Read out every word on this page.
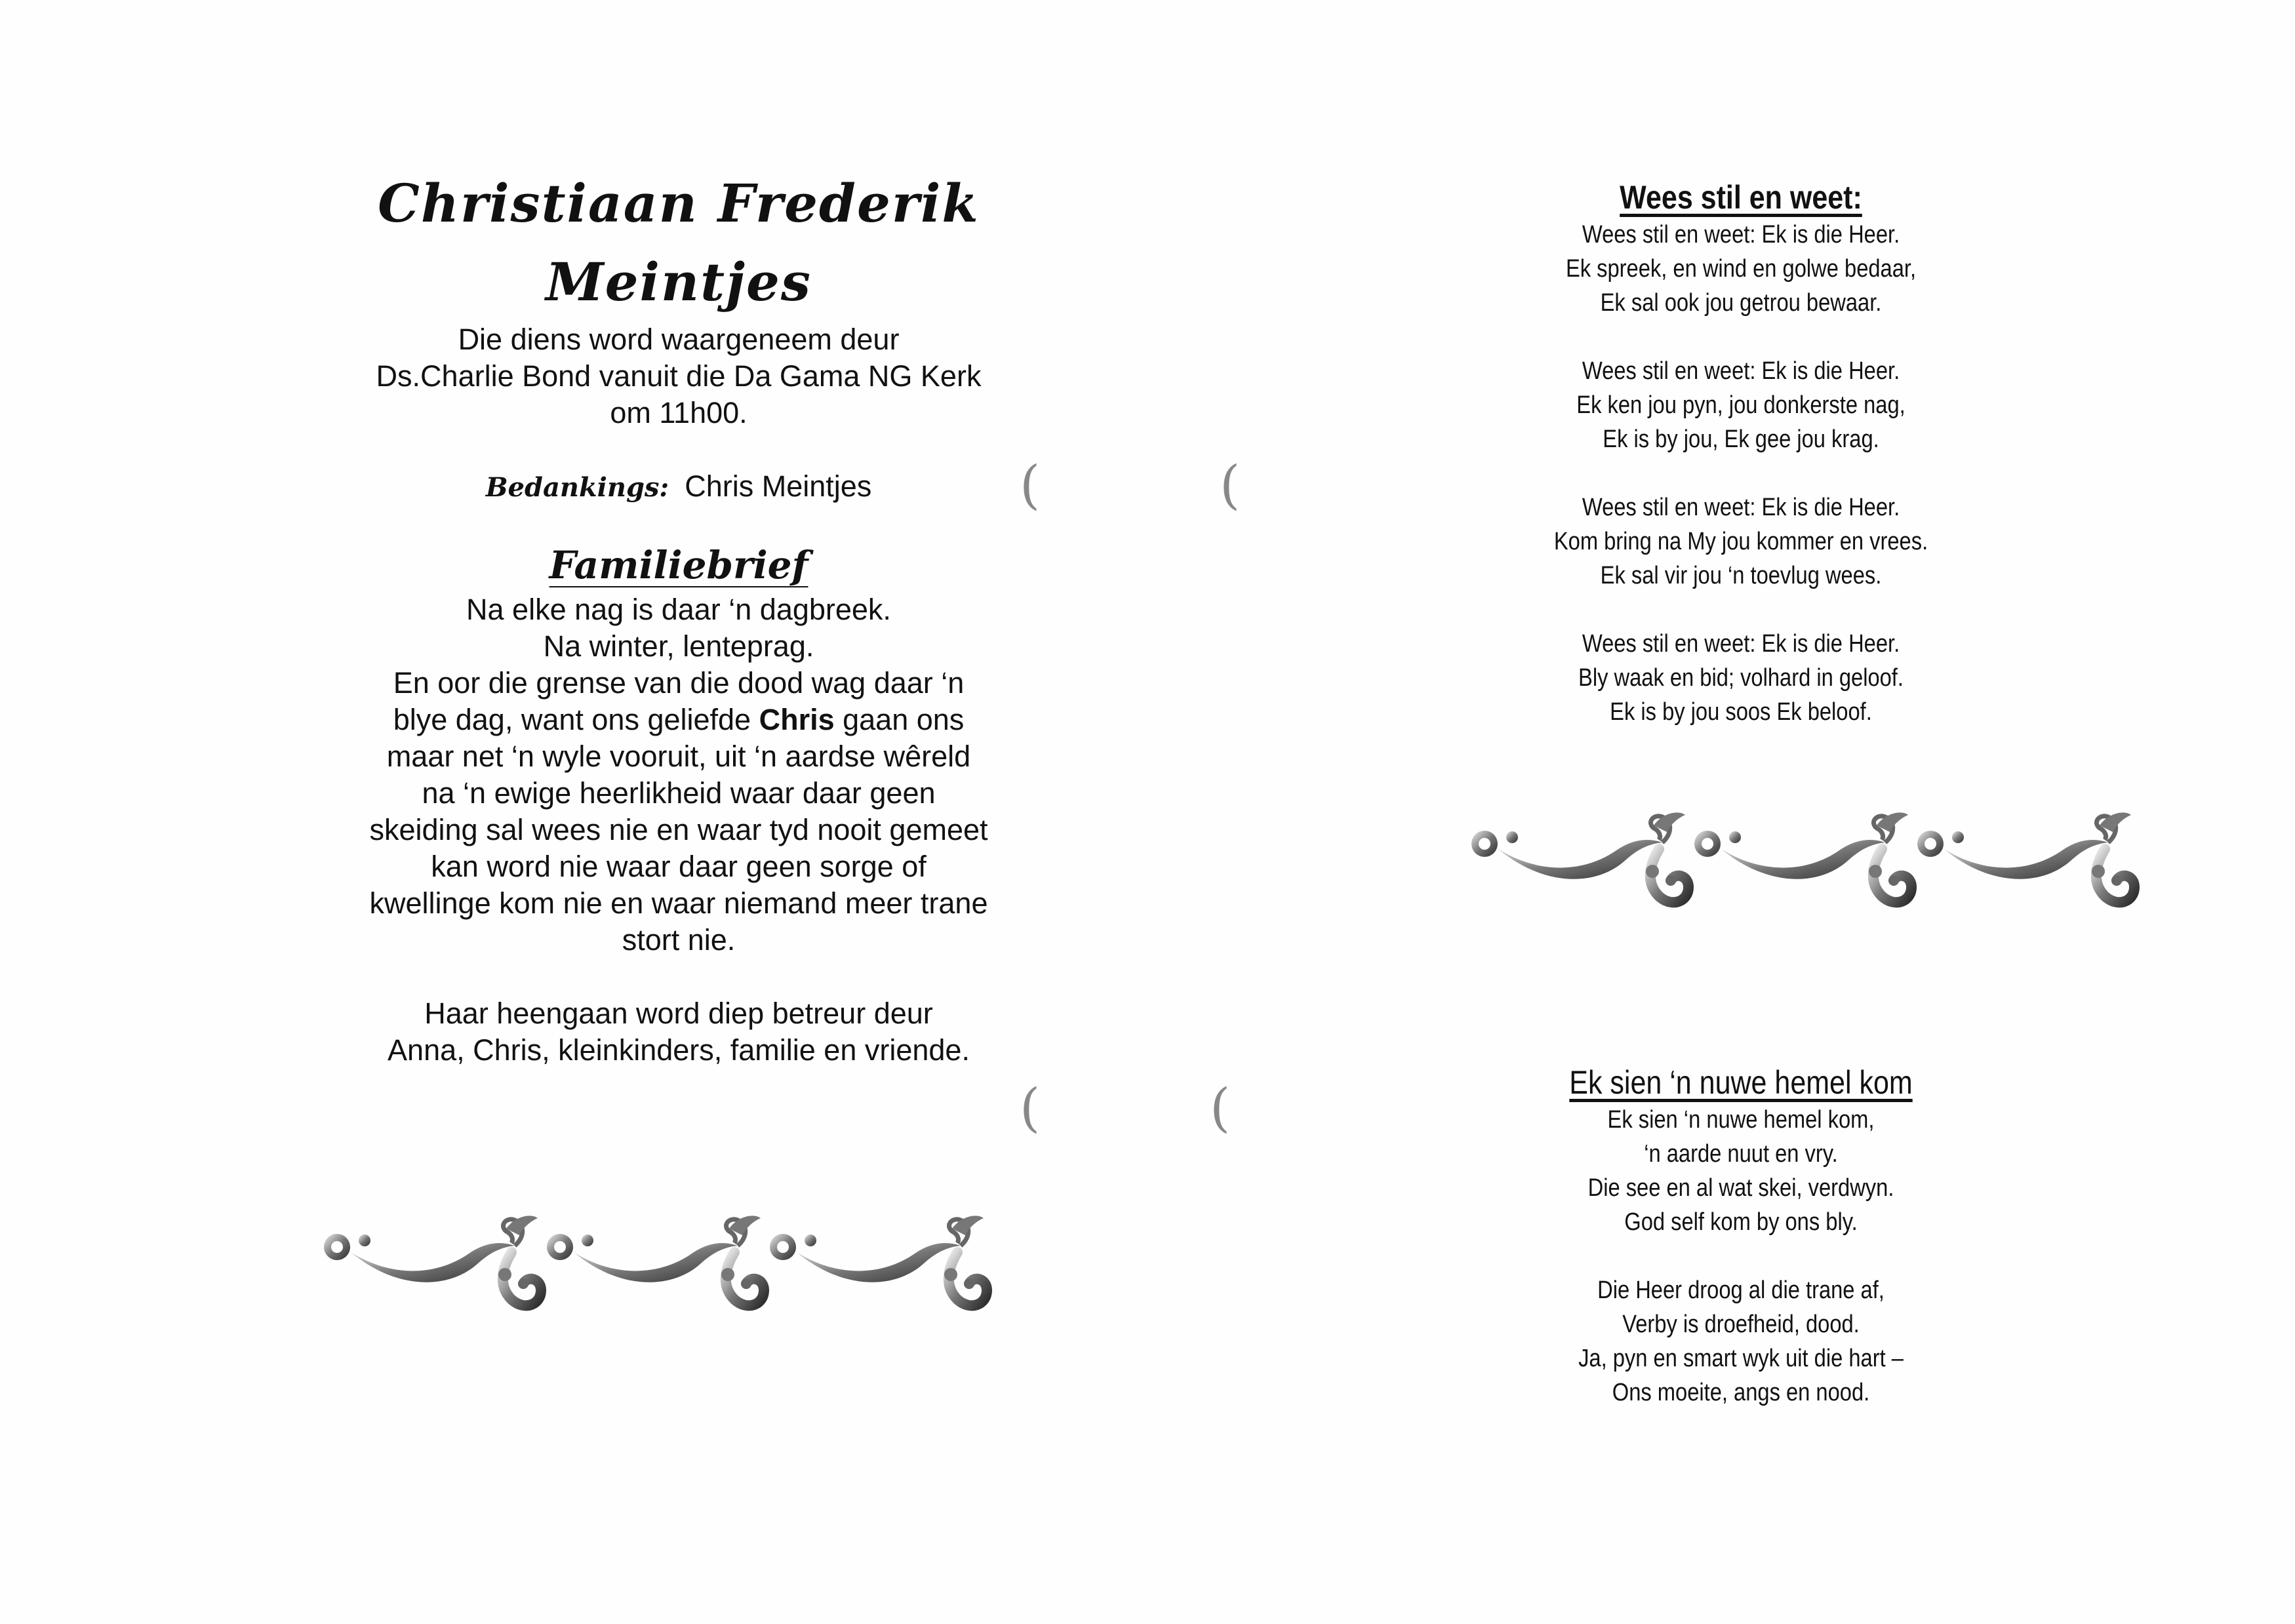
Christiaan Frederik
Meintjes
Die diens word waargeneem deur
Ds.Charlie Bond vanuit die Da Gama NG Kerk
om 11h00.
Bedankings: Chris Meintjes
Familiebrief
Na elke nag is daar ‘n dagbreek.
Na winter, lenteprag.
En oor die grense van die dood wag daar ‘n
blye dag, want ons geliefde Chris gaan ons
maar net ‘n wyle vooruit, uit ‘n aardse wêreld
na ‘n ewige heerlikheid waar daar geen
skeiding sal wees nie en waar tyd nooit gemeet
kan word nie waar daar geen sorge of
kwellinge kom nie en waar niemand meer trane
stort nie.
Haar heengaan word diep betreur deur
Anna, Chris, kleinkinders, familie en vriende.
Wees stil en weet:
Wees stil en weet: Ek is die Heer.
Ek spreek, en wind en golwe bedaar,
Ek sal ook jou getrou bewaar.
Wees stil en weet: Ek is die Heer.
Ek ken jou pyn, jou donkerste nag,
Ek is by jou, Ek gee jou krag.
Wees stil en weet: Ek is die Heer.
Kom bring na My jou kommer en vrees.
Ek sal vir jou ‘n toevlug wees.
Wees stil en weet: Ek is die Heer.
Bly waak en bid; volhard in geloof.
Ek is by jou soos Ek beloof.
Ek sien ‘n nuwe hemel kom
Ek sien ‘n nuwe hemel kom,
‘n aarde nuut en vry.
Die see en al wat skei, verdwyn.
God self kom by ons bly.
Die Heer droog al die trane af,
Verby is droefheid, dood.
Ja, pyn en smart wyk uit die hart –
Ons moeite, angs en nood.
(	(
(	(
